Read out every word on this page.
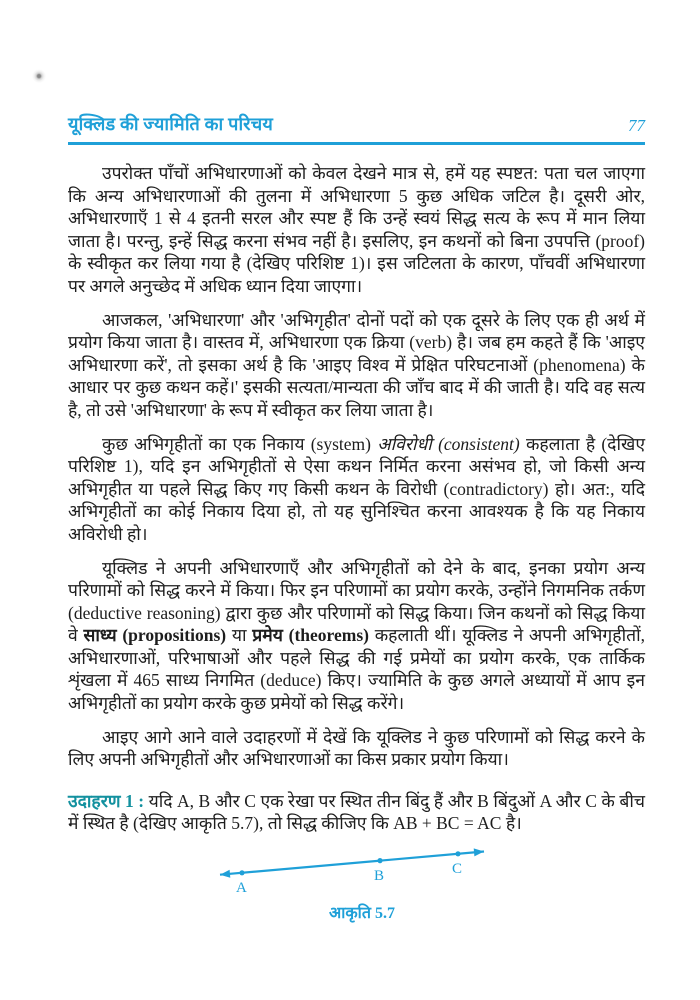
यूक्लिड की ज्यामिति का परिचय	77

उपरोक्त पाँचों अभिधारणाओं को केवल देखने मात्र से, हमें यह स्पष्टत: पता चल जाएगा कि अन्य अभिधारणाओं की तुलना में अभिधारणा 5 कुछ अधिक जटिल है। दूसरी ओर, अभिधारणाएँ 1 से 4 इतनी सरल और स्पष्ट हैं कि उन्हें स्वयं सिद्ध सत्य के रूप में मान लिया जाता है। परन्तु, इन्हें सिद्ध करना संभव नहीं है। इसलिए, इन कथनों को बिना उपपत्ति (proof) के स्वीकृत कर लिया गया है (देखिए परिशिष्ट 1)। इस जटिलता के कारण, पाँचवीं अभिधारणा पर अगले अनुच्छेद में अधिक ध्यान दिया जाएगा।

आजकल, 'अभिधारणा' और 'अभिगृहीत' दोनों पदों को एक दूसरे के लिए एक ही अर्थ में प्रयोग किया जाता है। वास्तव में, अभिधारणा एक क्रिया (verb) है। जब हम कहते हैं कि 'आइए अभिधारणा करें', तो इसका अर्थ है कि 'आइए विश्व में प्रेक्षित परिघटनाओं (phenomena) के आधार पर कुछ कथन कहें।' इसकी सत्यता/मान्यता की जाँच बाद में की जाती है। यदि वह सत्य है, तो उसे 'अभिधारणा' के रूप में स्वीकृत कर लिया जाता है।

कुछ अभिगृहीतों का एक निकाय (system) अविरोधी (consistent) कहलाता है (देखिए परिशिष्ट 1), यदि इन अभिगृहीतों से ऐसा कथन निर्मित करना असंभव हो, जो किसी अन्य अभिगृहीत या पहले सिद्ध किए गए किसी कथन के विरोधी (contradictory) हो। अत:, यदि अभिगृहीतों का कोई निकाय दिया हो, तो यह सुनिश्चित करना आवश्यक है कि यह निकाय अविरोधी हो।

यूक्लिड ने अपनी अभिधारणाएँ और अभिगृहीतों को देने के बाद, इनका प्रयोग अन्य परिणामों को सिद्ध करने में किया। फिर इन परिणामों का प्रयोग करके, उन्होंने निगमनिक तर्कण (deductive reasoning) द्वारा कुछ और परिणामों को सिद्ध किया। जिन कथनों को सिद्ध किया वे साध्य (propositions) या प्रमेय (theorems) कहलाती थीं। यूक्लिड ने अपनी अभिगृहीतों, अभिधारणाओं, परिभाषाओं और पहले सिद्ध की गई प्रमेयों का प्रयोग करके, एक तार्किक शृंखला में 465 साध्य निगमित (deduce) किए। ज्यामिति के कुछ अगले अध्यायों में आप इन अभिगृहीतों का प्रयोग करके कुछ प्रमेयों को सिद्ध करेंगे।

आइए आगे आने वाले उदाहरणों में देखें कि यूक्लिड ने कुछ परिणामों को सिद्ध करने के लिए अपनी अभिगृहीतों और अभिधारणाओं का किस प्रकार प्रयोग किया।

उदाहरण 1 : यदि A, B और C एक रेखा पर स्थित तीन बिंदु हैं और B बिंदुओं A और C के बीच में स्थित है (देखिए आकृति 5.7), तो सिद्ध कीजिए कि AB + BC = AC है।

A
B	C
आकृति 5.7
